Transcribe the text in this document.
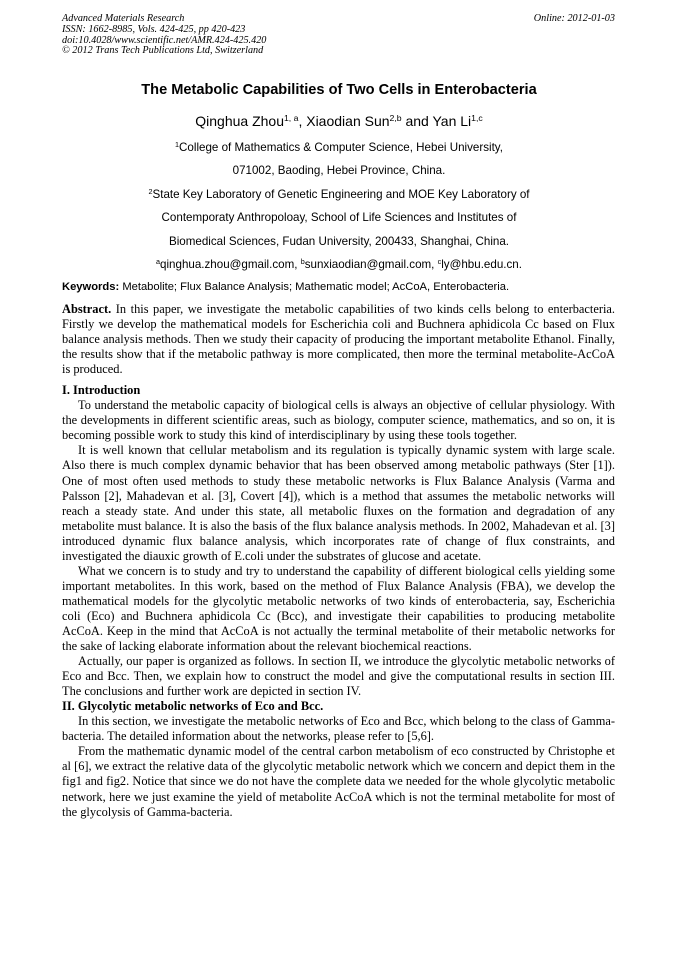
Advanced Materials Research
ISSN: 1662-8985, Vols. 424-425, pp 420-423
doi:10.4028/www.scientific.net/AMR.424-425.420
© 2012 Trans Tech Publications Ltd, Switzerland
Online: 2012-01-03
The Metabolic Capabilities of Two Cells in Enterobacteria
Qinghua Zhou$^{1, a}$, Xiaodian Sun$^{2,b}$ and Yan Li$^{1,c}$
$^1$College of Mathematics & Computer Science, Hebei University,
071002, Baoding, Hebei Province, China.
$^2$State Key Laboratory of Genetic Engineering and MOE Key Laboratory of
Contemporaty Anthropoloay, School of Life Sciences and Institutes of
Biomedical Sciences, Fudan University, 200433, Shanghai, China.
$^a$qinghua.zhou@gmail.com, $^b$sunxiaodian@gmail.com, $^c$ly@hbu.edu.cn.
Keywords: Metabolite; Flux Balance Analysis; Mathematic model; AcCoA, Enterobacteria.

Abstract. In this paper, we investigate the metabolic capabilities of two kinds cells belong to enterbacteria. Firstly we develop the mathematical models for Escherichia coli and Buchnera aphidicola Cc based on Flux balance analysis methods. Then we study their capacity of producing the important metabolite Ethanol. Finally, the results show that if the metabolic pathway is more complicated, then more the terminal metabolite-AcCoA is produced.

I. Introduction

To understand the metabolic capacity of biological cells is always an objective of cellular physiology. With the developments in different scientific areas, such as biology, computer science, mathematics, and so on, it is becoming possible work to study this kind of interdisciplinary by using these tools together.

It is well known that cellular metabolism and its regulation is typically dynamic system with large scale. Also there is much complex dynamic behavior that has been observed among metabolic pathways (Ster [1]). One of most often used methods to study these metabolic networks is Flux Balance Analysis (Varma and Palsson [2], Mahadevan et al. [3], Covert [4]), which is a method that assumes the metabolic networks will reach a steady state. And under this state, all metabolic fluxes on the formation and degradation of any metabolite must balance. It is also the basis of the flux balance analysis methods. In 2002, Mahadevan et al. [3] introduced dynamic flux balance analysis, which incorporates rate of change of flux constraints, and investigated the diauxic growth of E.coli under the substrates of glucose and acetate.

What we concern is to study and try to understand the capability of different biological cells yielding some important metabolites. In this work, based on the method of Flux Balance Analysis (FBA), we develop the mathematical models for the glycolytic metabolic networks of two kinds of enterobacteria, say, Escherichia coli (Eco) and Buchnera aphidicola Cc (Bcc), and investigate their capabilities to producing metabolite AcCoA. Keep in the mind that AcCoA is not actually the terminal metabolite of their metabolic networks for the sake of lacking elaborate information about the relevant biochemical reactions.

Actually, our paper is organized as follows. In section II, we introduce the glycolytic metabolic networks of Eco and Bcc. Then, we explain how to construct the model and give the computational results in section III. The conclusions and further work are depicted in section IV.

II. Glycolytic metabolic networks of Eco and Bcc.

In this section, we investigate the metabolic networks of Eco and Bcc, which belong to the class of Gamma-bacteria. The detailed information about the networks, please refer to [5,6].

From the mathematic dynamic model of the central carbon metabolism of eco constructed by Christophe et al [6], we extract the relative data of the glycolytic metabolic network which we concern and depict them in the fig1 and fig2. Notice that since we do not have the complete data we needed for the whole glycolytic metabolic network, here we just examine the yield of metabolite AcCoA which is not the terminal metabolite for most of the glycolysis of Gamma-bacteria.
